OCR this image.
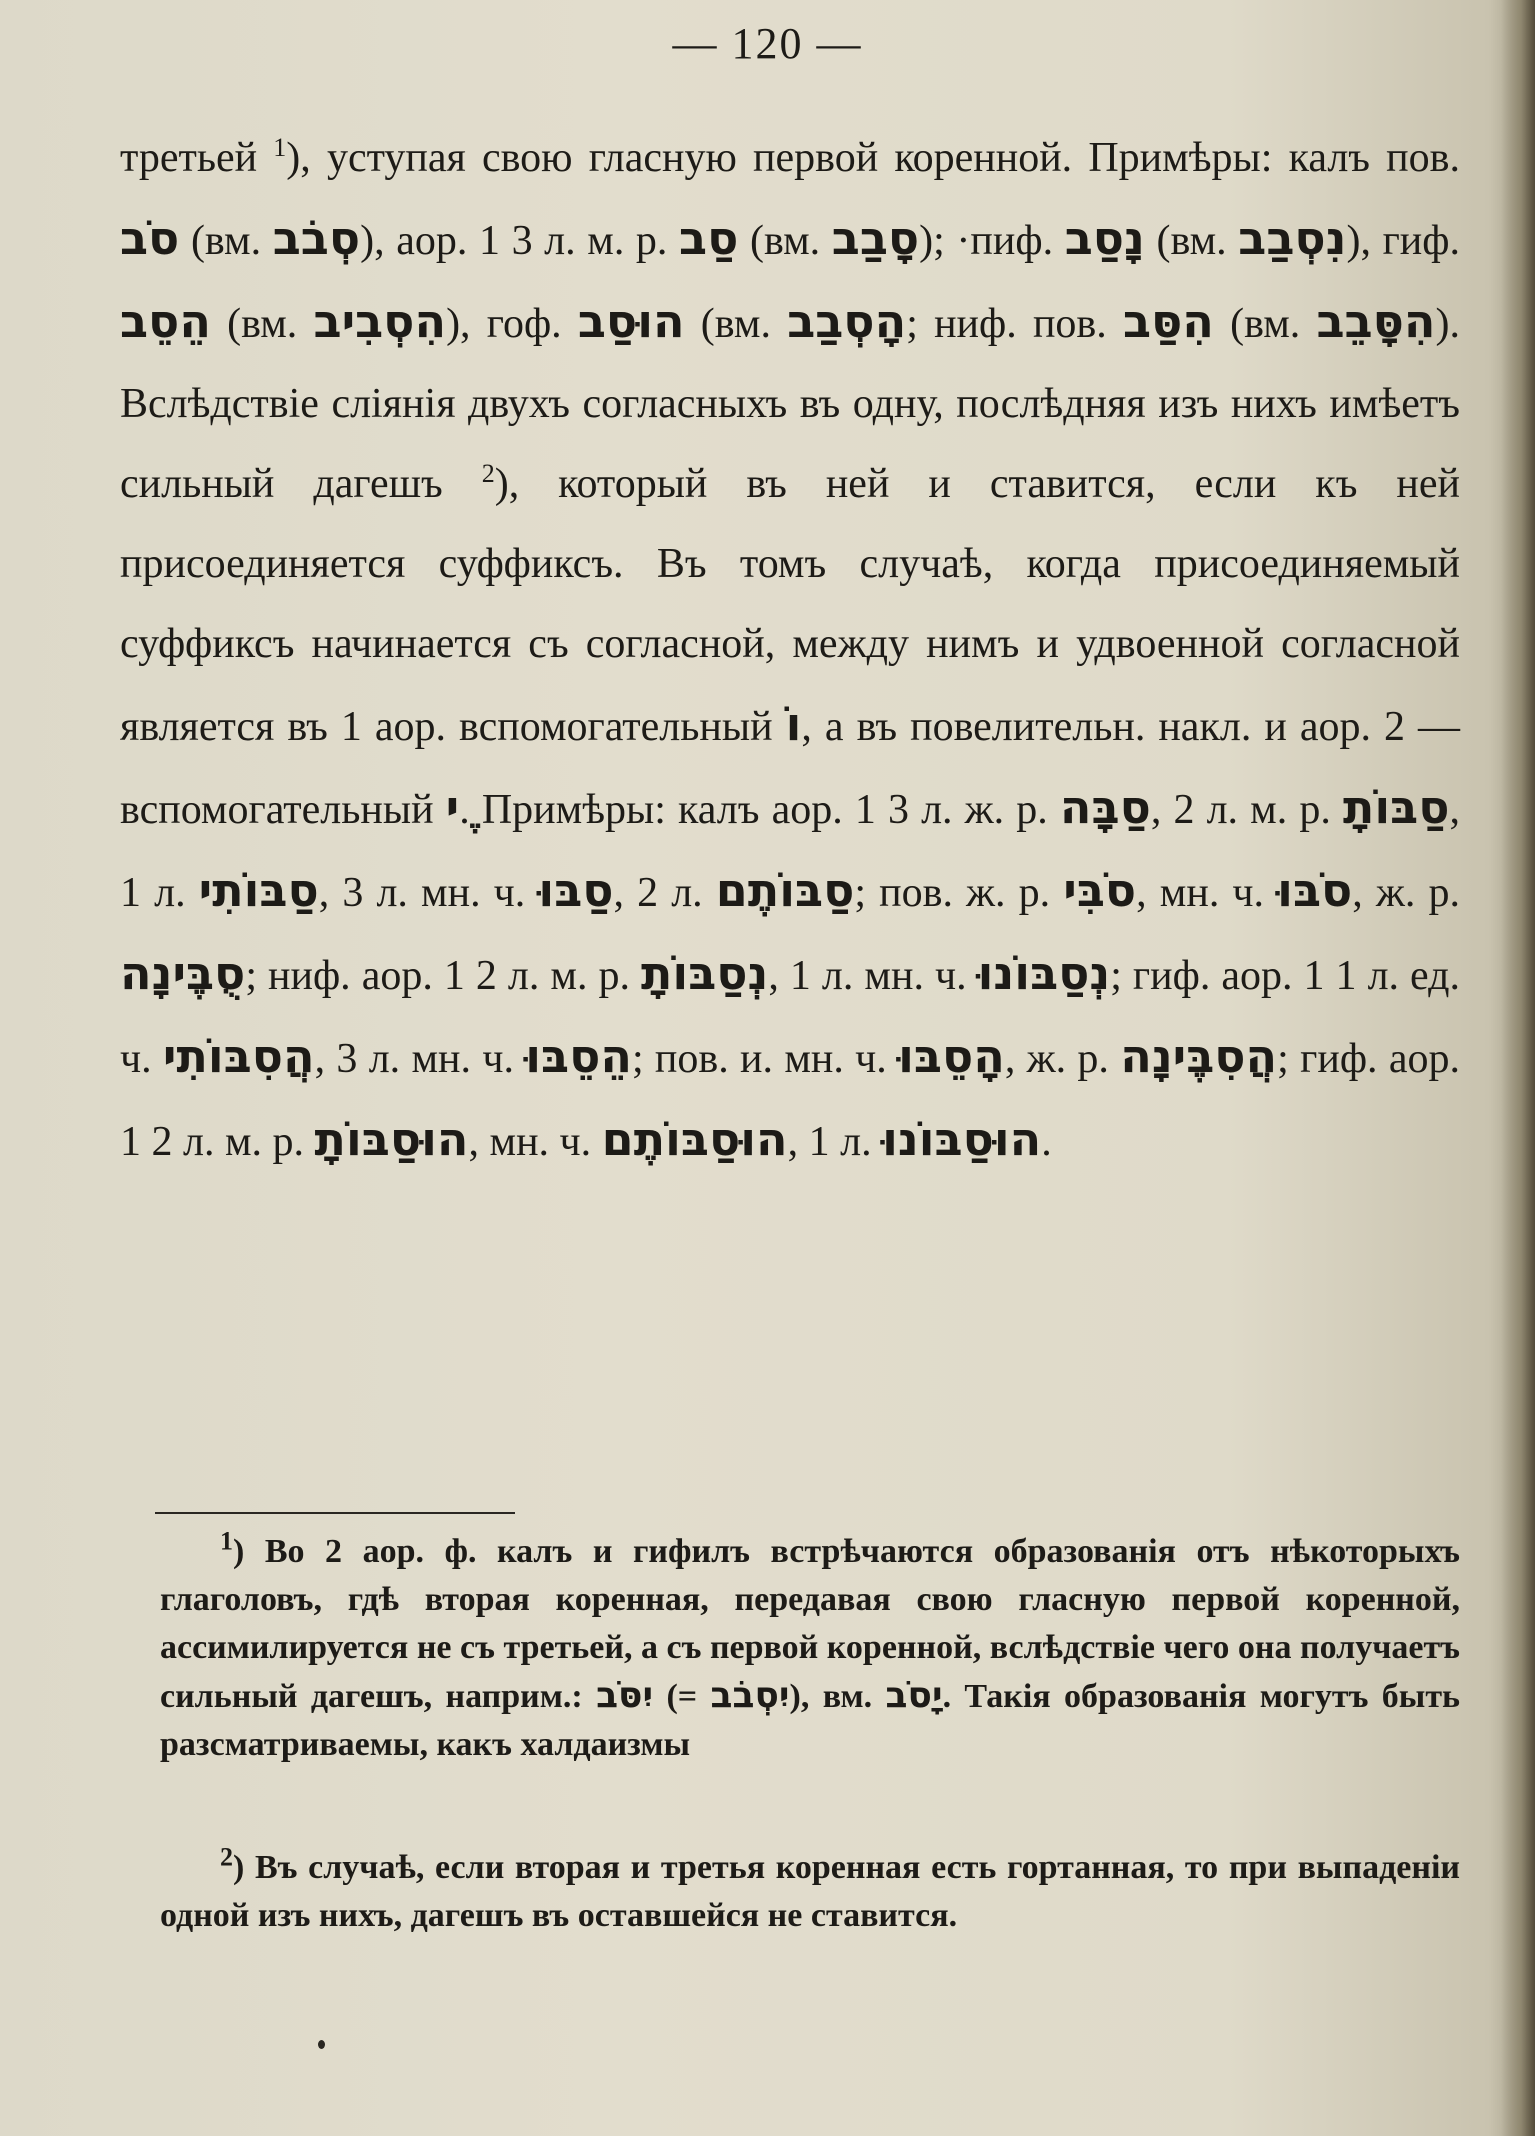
— 120 —

третьей $^1$), уступая свою гласную первой коренной. Примѣры: калъ пов. סֹב (вм. סְבֹב), аор. 1 3 л. м. р. סַב (вм. סָבַב); ·пиф. נָסַב (вм. נִסְבַב), гиф. הֵסֵב (вм. הִסְבִיב), гоф. הוּסַב (вм. הָסְבַב; ниф. пов. הִסַּב (вм. הִסָּבֵב). Вслѣдствіе сліянія двухъ согласныхъ въ одну, послѣдняя изъ нихъ имѣетъ сильный дагешъ $^2$), который въ ней и ставится, если къ ней присоединяется суффиксъ. Въ томъ случаѣ, когда присоединяемый суффиксъ начинается съ согласной, между нимъ и удвоенной согласной является въ 1 аор. вспомогательный וֹ, а въ повелительн. накл. и аор. 2 — вспомогательный ֶי. Примѣры: калъ аор. 1 3 л. ж. р. סַבָּה, 2 л. м. р. סַבּוֹתָ, 1 л. סַבּוֹתִי, 3 л. мн. ч. סַבּוּ, 2 л. סַבּוֹתֶם; пов. ж. р. סֹבִּי, мн. ч. סֹבּוּ, ж. р. סֻבֶּינָה; ниф. аор. 1 2 л. м. р. נְסַבּוֹתָ, 1 л. мн. ч. נְסַבּוֹנוּ; гиф. аор. 1 1 л. ед. ч. הֲסִבּוֹתִי, 3 л. мн. ч. הֵסֵבּוּ; пов. и. мн. ч. הָסֵבּוּ, ж. р. הֲסִבֶּינָה; гиф. аор. 1 2 л. м. р. הוּסַבּוֹתָ, мн. ч. הוּסַבּוֹתֶם, 1 л. הוּסַבּוֹנוּ.

$^1$) Во 2 аор. ф. калъ и гифилъ встрѣчаются образованія отъ нѣкоторыхъ глаголовъ, гдѣ вторая коренная, передавая свою гласную первой коренной, ассимилируется не съ третьей, а съ первой коренной, вслѣдствіе чего она получаетъ сильный дагешъ, наприм.: יִסֹּב (= יִסְבֹב), вм. יָסֹב. Такія образованія могутъ быть разсматриваемы, какъ халдаизмы

$^2$) Въ случаѣ, если вторая и третья коренная есть гортанная, то при выпаденіи одной изъ нихъ, дагешъ въ оставшейся не ставится.
